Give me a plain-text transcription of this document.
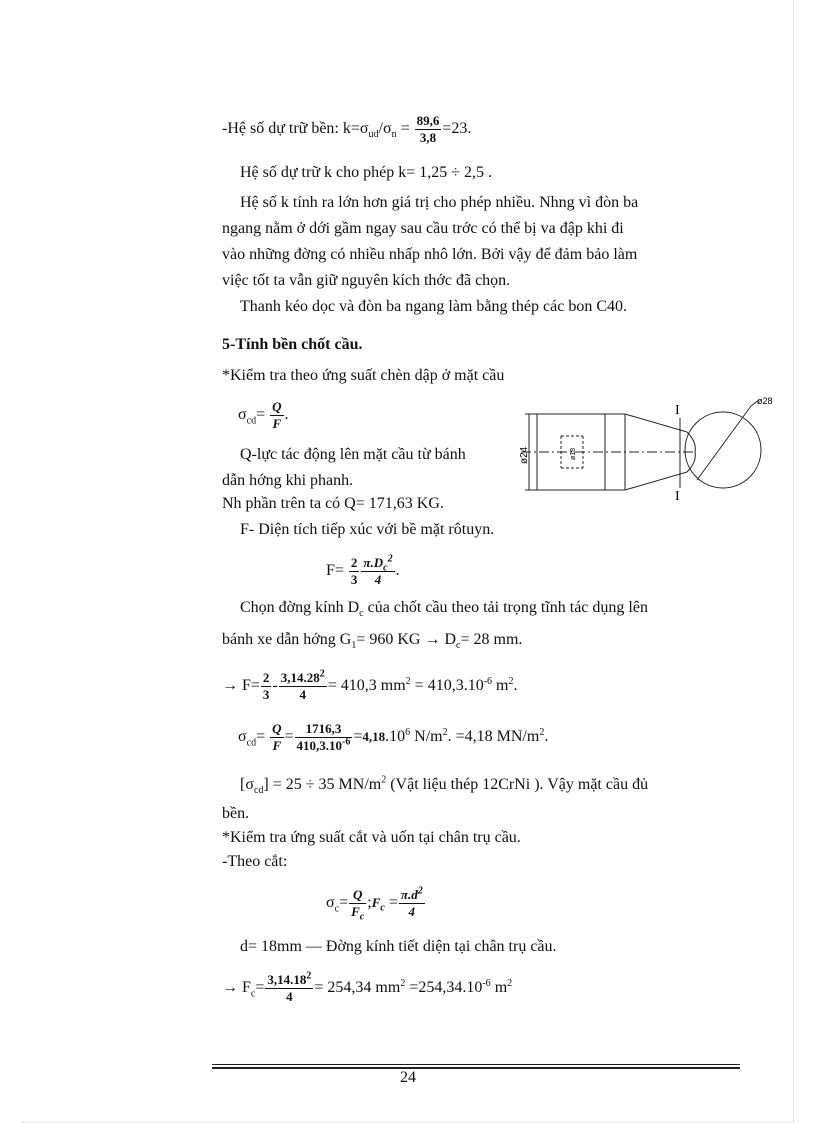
-Hệ số dự trữ bền: $k=\sigma_{ud}/\sigma_n = \frac{89,6}{3,8} =23$.
Hệ số dự trữ k cho phép k= 1,25 ÷ 2,5 .
Hệ số k tính ra lớn hơn giá trị cho phép nhiều. Nhng vì đòn ba
ngang nằm ở dới gầm ngay sau cầu trớc có thể bị va đập khi đi
vào những đờng có nhiều nhấp nhô lớn. Bởi vậy để đảm bảo làm
việc tốt ta vẫn giữ nguyên kích thớc đã chọn.
Thanh kéo dọc và đòn ba ngang làm bằng thép các bon C40.
5-Tính bền chốt cầu.
*Kiểm tra theo ứng suất chèn dập ở mặt cầu
$\sigma_{cd}= \frac{Q}{F}$ .
Q-lực tác động lên mặt cầu từ bánh
dẫn hớng khi phanh.
Nh phần trên ta có Q= 171,63 KG.
F- Diện tích tiếp xúc với bề mặt rôtuyn.
$F= \frac{2}{3} \frac{\pi.D_c^2}{4}$ .
Chọn đờng kính $D_c$ của chốt cầu theo tải trọng tĩnh tác dụng lên
bánh xe dẫn hớng $G_1= 960$ KG → $D_c= 28$ mm.
→ $F= \frac{2}{3} - \frac{3,14.28^2}{4} = 410,3$ $mm^2 = 410,3.10^{-6}$ $m^2$.
$\sigma_{cd}= \frac{Q}{F} = \frac{1716,3}{410,3.10^{-6}} =4,18.10^6$ $N/m^2$. =4,18 $MN/m^2$.
$[\sigma_{cd}] = 25 \div 35$ $MN/m^2$ (Vật liệu thép 12CrNi ). Vậy mặt cầu đủ
bền.
*Kiểm tra ứng suất cắt và uốn tại chân trụ cầu.
-Theo cắt:
$\sigma_c= \frac{Q}{F_c}$ $;F_c = \frac{\pi.d^2}{4}$
d= 18mm — Đờng kính tiết diện tại chân trụ cầu.
→ $F_c= \frac{3,14.18^2}{4} = 254,34$ $mm^2 =254,34.10^{-6}$ $m^2$
I
I
ø28
ø24	ø18
24
